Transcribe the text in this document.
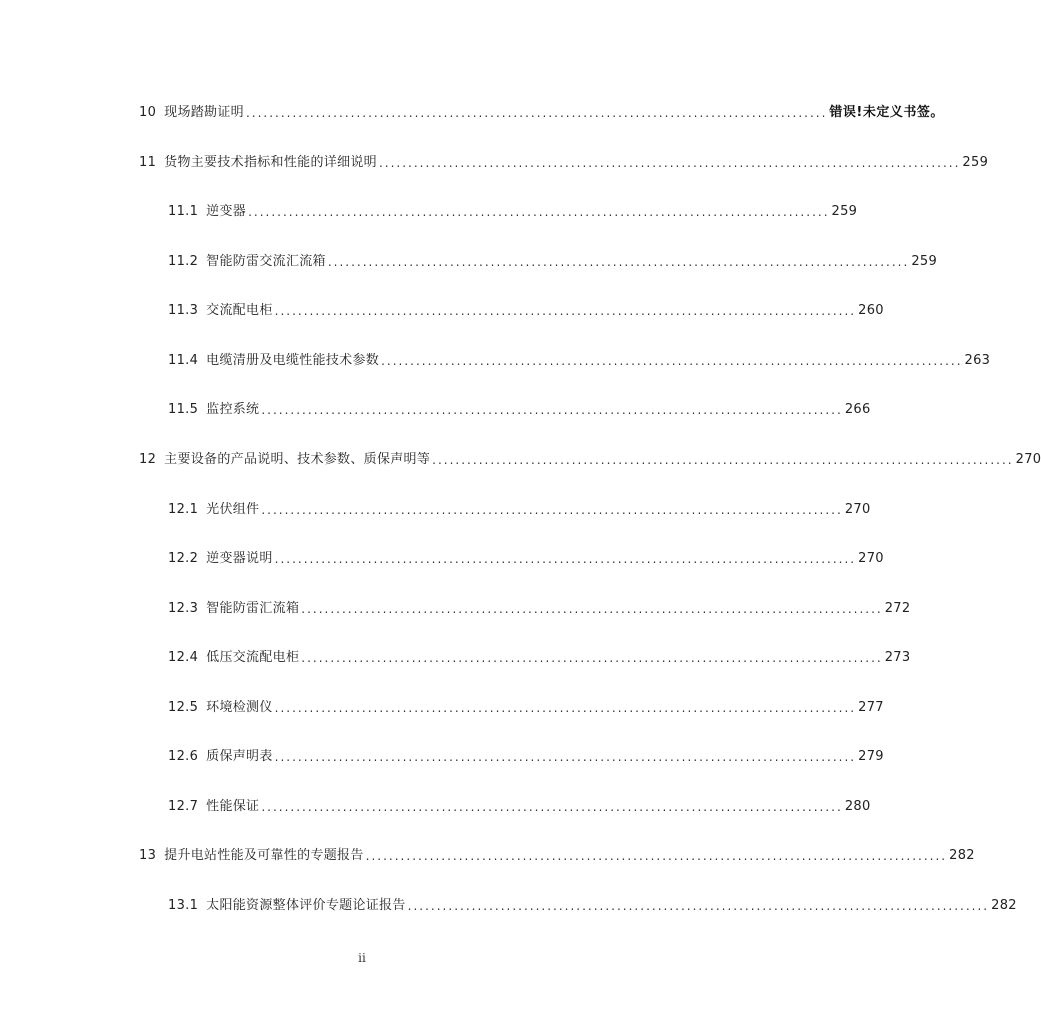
10 现场踏勘证明 .................................................................................................... 错误!未定义书签。
11 货物主要技术指标和性能的详细说明 .................................................................................................... 259
11.1 逆变器 .................................................................................................... 259
11.2 智能防雷交流汇流箱 .................................................................................................... 259
11.3 交流配电柜 .................................................................................................... 260
11.4 电缆清册及电缆性能技术参数 .................................................................................................... 263
11.5 监控系统 .................................................................................................... 266
12 主要设备的产品说明、技术参数、质保声明等 .................................................................................................... 270
12.1 光伏组件 .................................................................................................... 270
12.2 逆变器说明 .................................................................................................... 270
12.3 智能防雷汇流箱 .................................................................................................... 272
12.4 低压交流配电柜 .................................................................................................... 273
12.5 环境检测仪 .................................................................................................... 277
12.6 质保声明表 .................................................................................................... 279
12.7 性能保证 .................................................................................................... 280
13 提升电站性能及可靠性的专题报告 .................................................................................................... 282
13.1 太阳能资源整体评价专题论证报告 .................................................................................................... 282
ii
